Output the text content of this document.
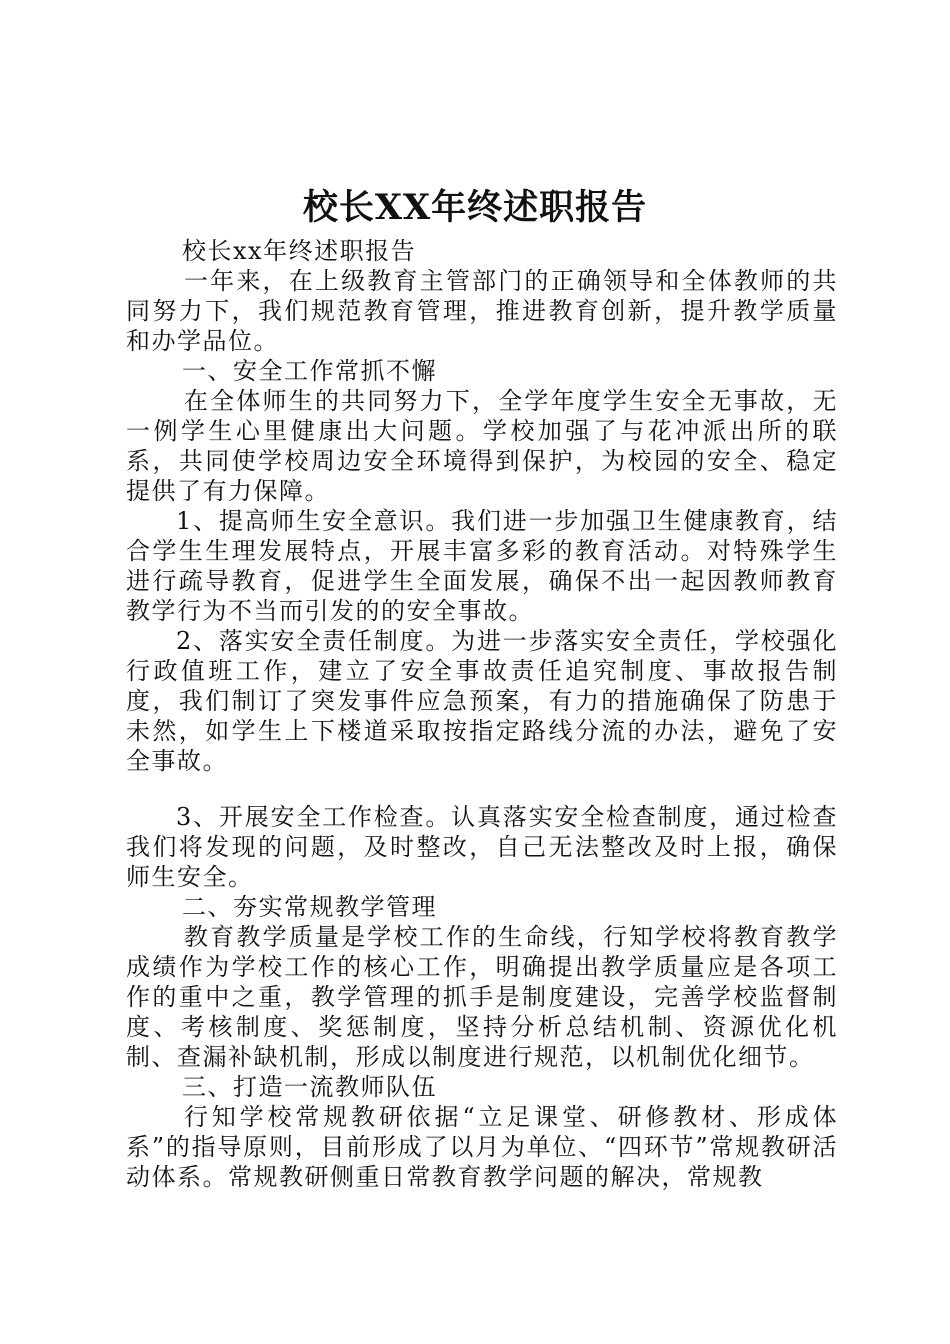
校长XX年终述职报告

校长xx年终述职报告

一年来，在上级教育主管部门的正确领导和全体教师的共同努力下，我们规范教育管理，推进教育创新，提升教学质量和办学品位。

一、安全工作常抓不懈

在全体师生的共同努力下，全学年度学生安全无事故，无一例学生心里健康出大问题。学校加强了与花冲派出所的联系，共同使学校周边安全环境得到保护，为校园的安全、稳定提供了有力保障。

1、提高师生安全意识。我们进一步加强卫生健康教育，结合学生生理发展特点，开展丰富多彩的教育活动。对特殊学生进行疏导教育，促进学生全面发展，确保不出一起因教师教育教学行为不当而引发的的安全事故。

2、落实安全责任制度。为进一步落实安全责任，学校强化行政值班工作，建立了安全事故责任追究制度、事故报告制度，我们制订了突发事件应急预案，有力的措施确保了防患于未然，如学生上下楼道采取按指定路线分流的办法，避免了安全事故。

3、开展安全工作检查。认真落实安全检查制度，通过检查我们将发现的问题，及时整改，自己无法整改及时上报，确保师生安全。

二、夯实常规教学管理

教育教学质量是学校工作的生命线，行知学校将教育教学成绩作为学校工作的核心工作，明确提出教学质量应是各项工作的重中之重，教学管理的抓手是制度建设，完善学校监督制度、考核制度、奖惩制度，坚持分析总结机制、资源优化机制、查漏补缺机制，形成以制度进行规范，以机制优化细节。

三、打造一流教师队伍

行知学校常规教研依据“立足课堂、研修教材、形成体系”的指导原则，目前形成了以月为单位、“四环节”常规教研活动体系。常规教研侧重日常教育教学问题的解决，常规教
